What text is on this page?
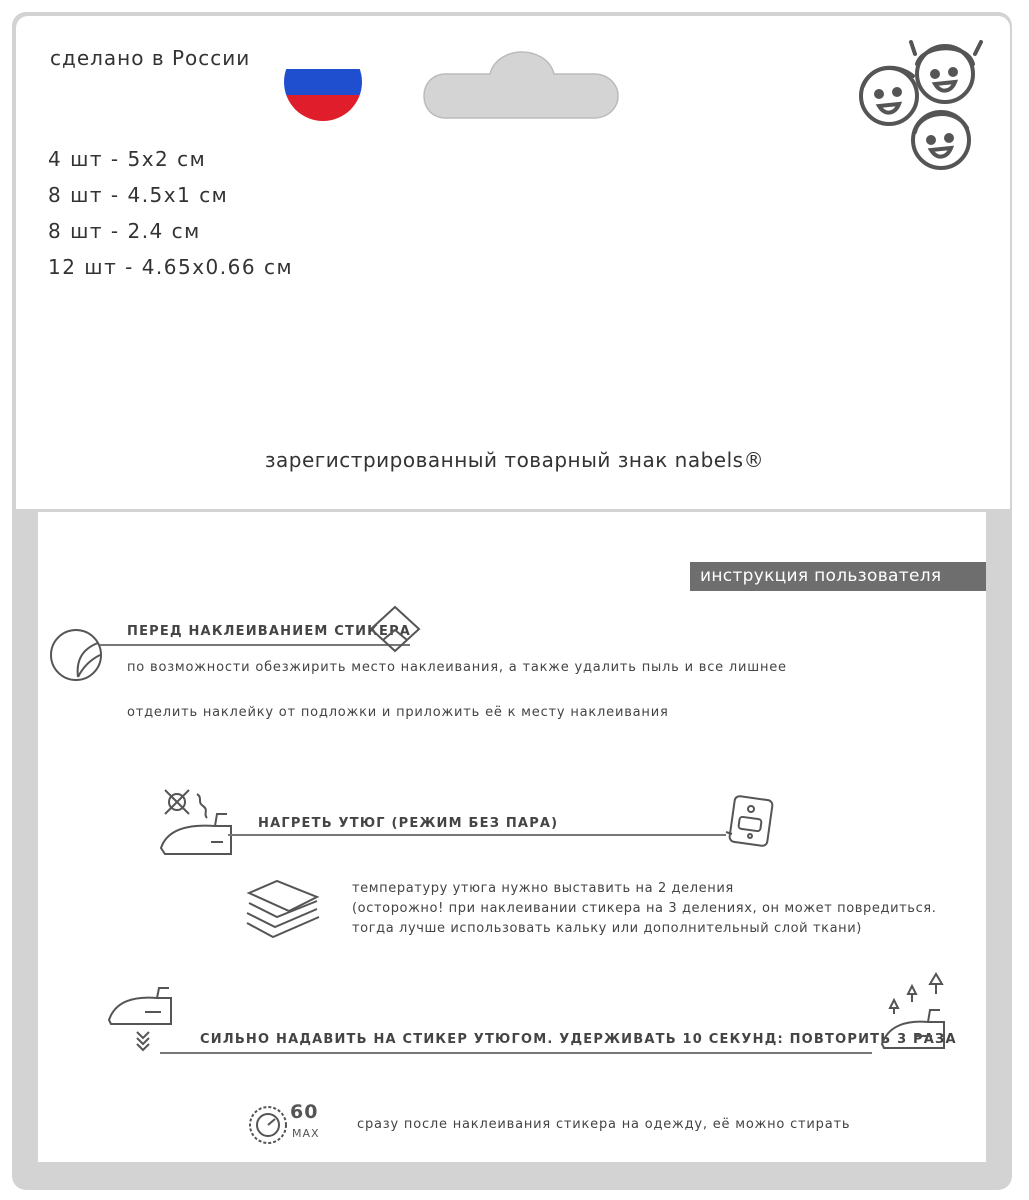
сделано в России
4 шт - 5x2 см
8 шт - 4.5x1 см
8 шт - 2.4 см
12 шт - 4.65x0.66 см
зарегистрированный товарный знак nabels®
инструкция пользователя
ПЕРЕД НАКЛЕИВАНИЕМ СТИКЕРА
по возможности обезжирить место наклеивания, а также удалить пыль и все лишнее
отделить наклейку от подложки и приложить её к месту наклеивания
НАГРЕТЬ УТЮГ (РЕЖИМ БЕЗ ПАРА)
температуру утюга нужно выставить на 2 деления
(осторожно! при наклеивании стикера на 3 делениях, он может повредиться.
тогда лучше использовать кальку или дополнительный слой ткани)
СИЛЬНО НАДАВИТЬ НА СТИКЕР УТЮГОМ. УДЕРЖИВАТЬ 10 СЕКУНД: ПОВТОРИТЬ 3 РАЗА
60
MAX
сразу после наклеивания стикера на одежду, её можно стирать
